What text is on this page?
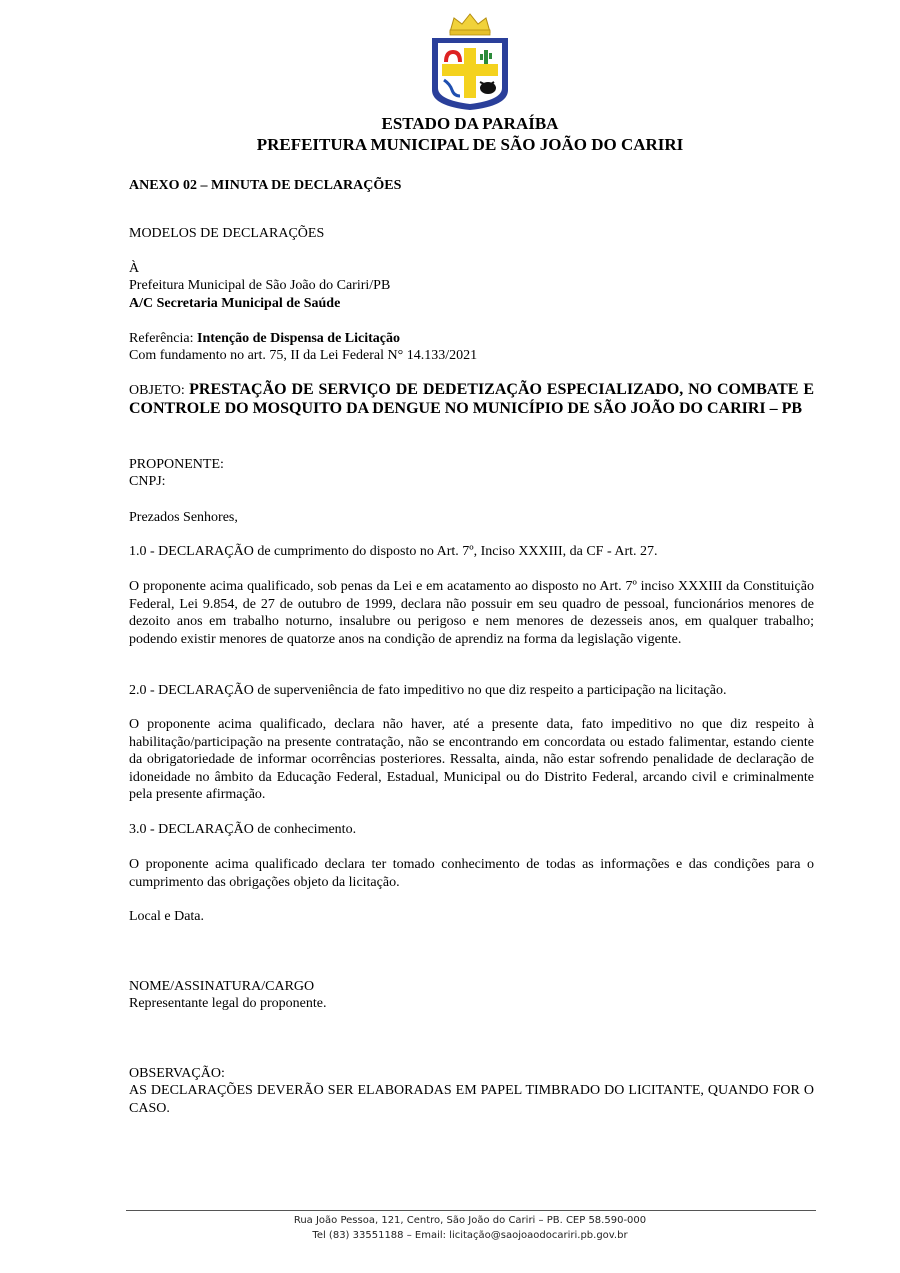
★	★
ESTADO DA PARAÍBA
PREFEITURA MUNICIPAL DE SÃO JOÃO DO CARIRI

ANEXO 02 – MINUTA DE DECLARAÇÕES

MODELOS DE DECLARAÇÕES

À

Prefeitura Municipal de São João do Cariri/PB

A/C Secretaria Municipal de Saúde

Referência: Intenção de Dispensa de Licitação

Com fundamento no art. 75, II da Lei Federal N° 14.133/2021

OBJETO: PRESTAÇÃO DE SERVIÇO DE DEDETIZAÇÃO ESPECIALIZADO, NO COMBATE E CONTROLE DO MOSQUITO DA DENGUE NO MUNICÍPIO DE SÃO JOÃO DO CARIRI – PB

PROPONENTE:

CNPJ:

Prezados Senhores,

1.0 - DECLARAÇÃO de cumprimento do disposto no Art. 7º, Inciso XXXIII, da CF - Art. 27.

O proponente acima qualificado, sob penas da Lei e em acatamento ao disposto no Art. 7º inciso XXXIII da Constituição Federal, Lei 9.854, de 27 de outubro de 1999, declara não possuir em seu quadro de pessoal, funcionários menores de dezoito anos em trabalho noturno, insalubre ou perigoso e nem menores de dezesseis anos, em qualquer trabalho; podendo existir menores de quatorze anos na condição de aprendiz na forma da legislação vigente.

2.0 - DECLARAÇÃO de superveniência de fato impeditivo no que diz respeito a participação na licitação.

O proponente acima qualificado, declara não haver, até a presente data, fato impeditivo no que diz respeito à habilitação/participação na presente contratação, não se encontrando em concordata ou estado falimentar, estando ciente da obrigatoriedade de informar ocorrências posteriores. Ressalta, ainda, não estar sofrendo penalidade de declaração de idoneidade no âmbito da Educação Federal, Estadual, Municipal ou do Distrito Federal, arcando civil e criminalmente pela presente afirmação.

3.0 - DECLARAÇÃO de conhecimento.

O proponente acima qualificado declara ter tomado conhecimento de todas as informações e das condições para o cumprimento das obrigações objeto da licitação.

Local e Data.

NOME/ASSINATURA/CARGO

Representante legal do proponente.

OBSERVAÇÃO:

AS DECLARAÇÕES DEVERÃO SER ELABORADAS EM PAPEL TIMBRADO DO LICITANTE, QUANDO FOR O CASO.

Rua João Pessoa, 121, Centro, São João do Cariri – PB. CEP 58.590-000
Tel (83) 33551188 – Email: licitação@saojoaodocariri.pb.gov.br
